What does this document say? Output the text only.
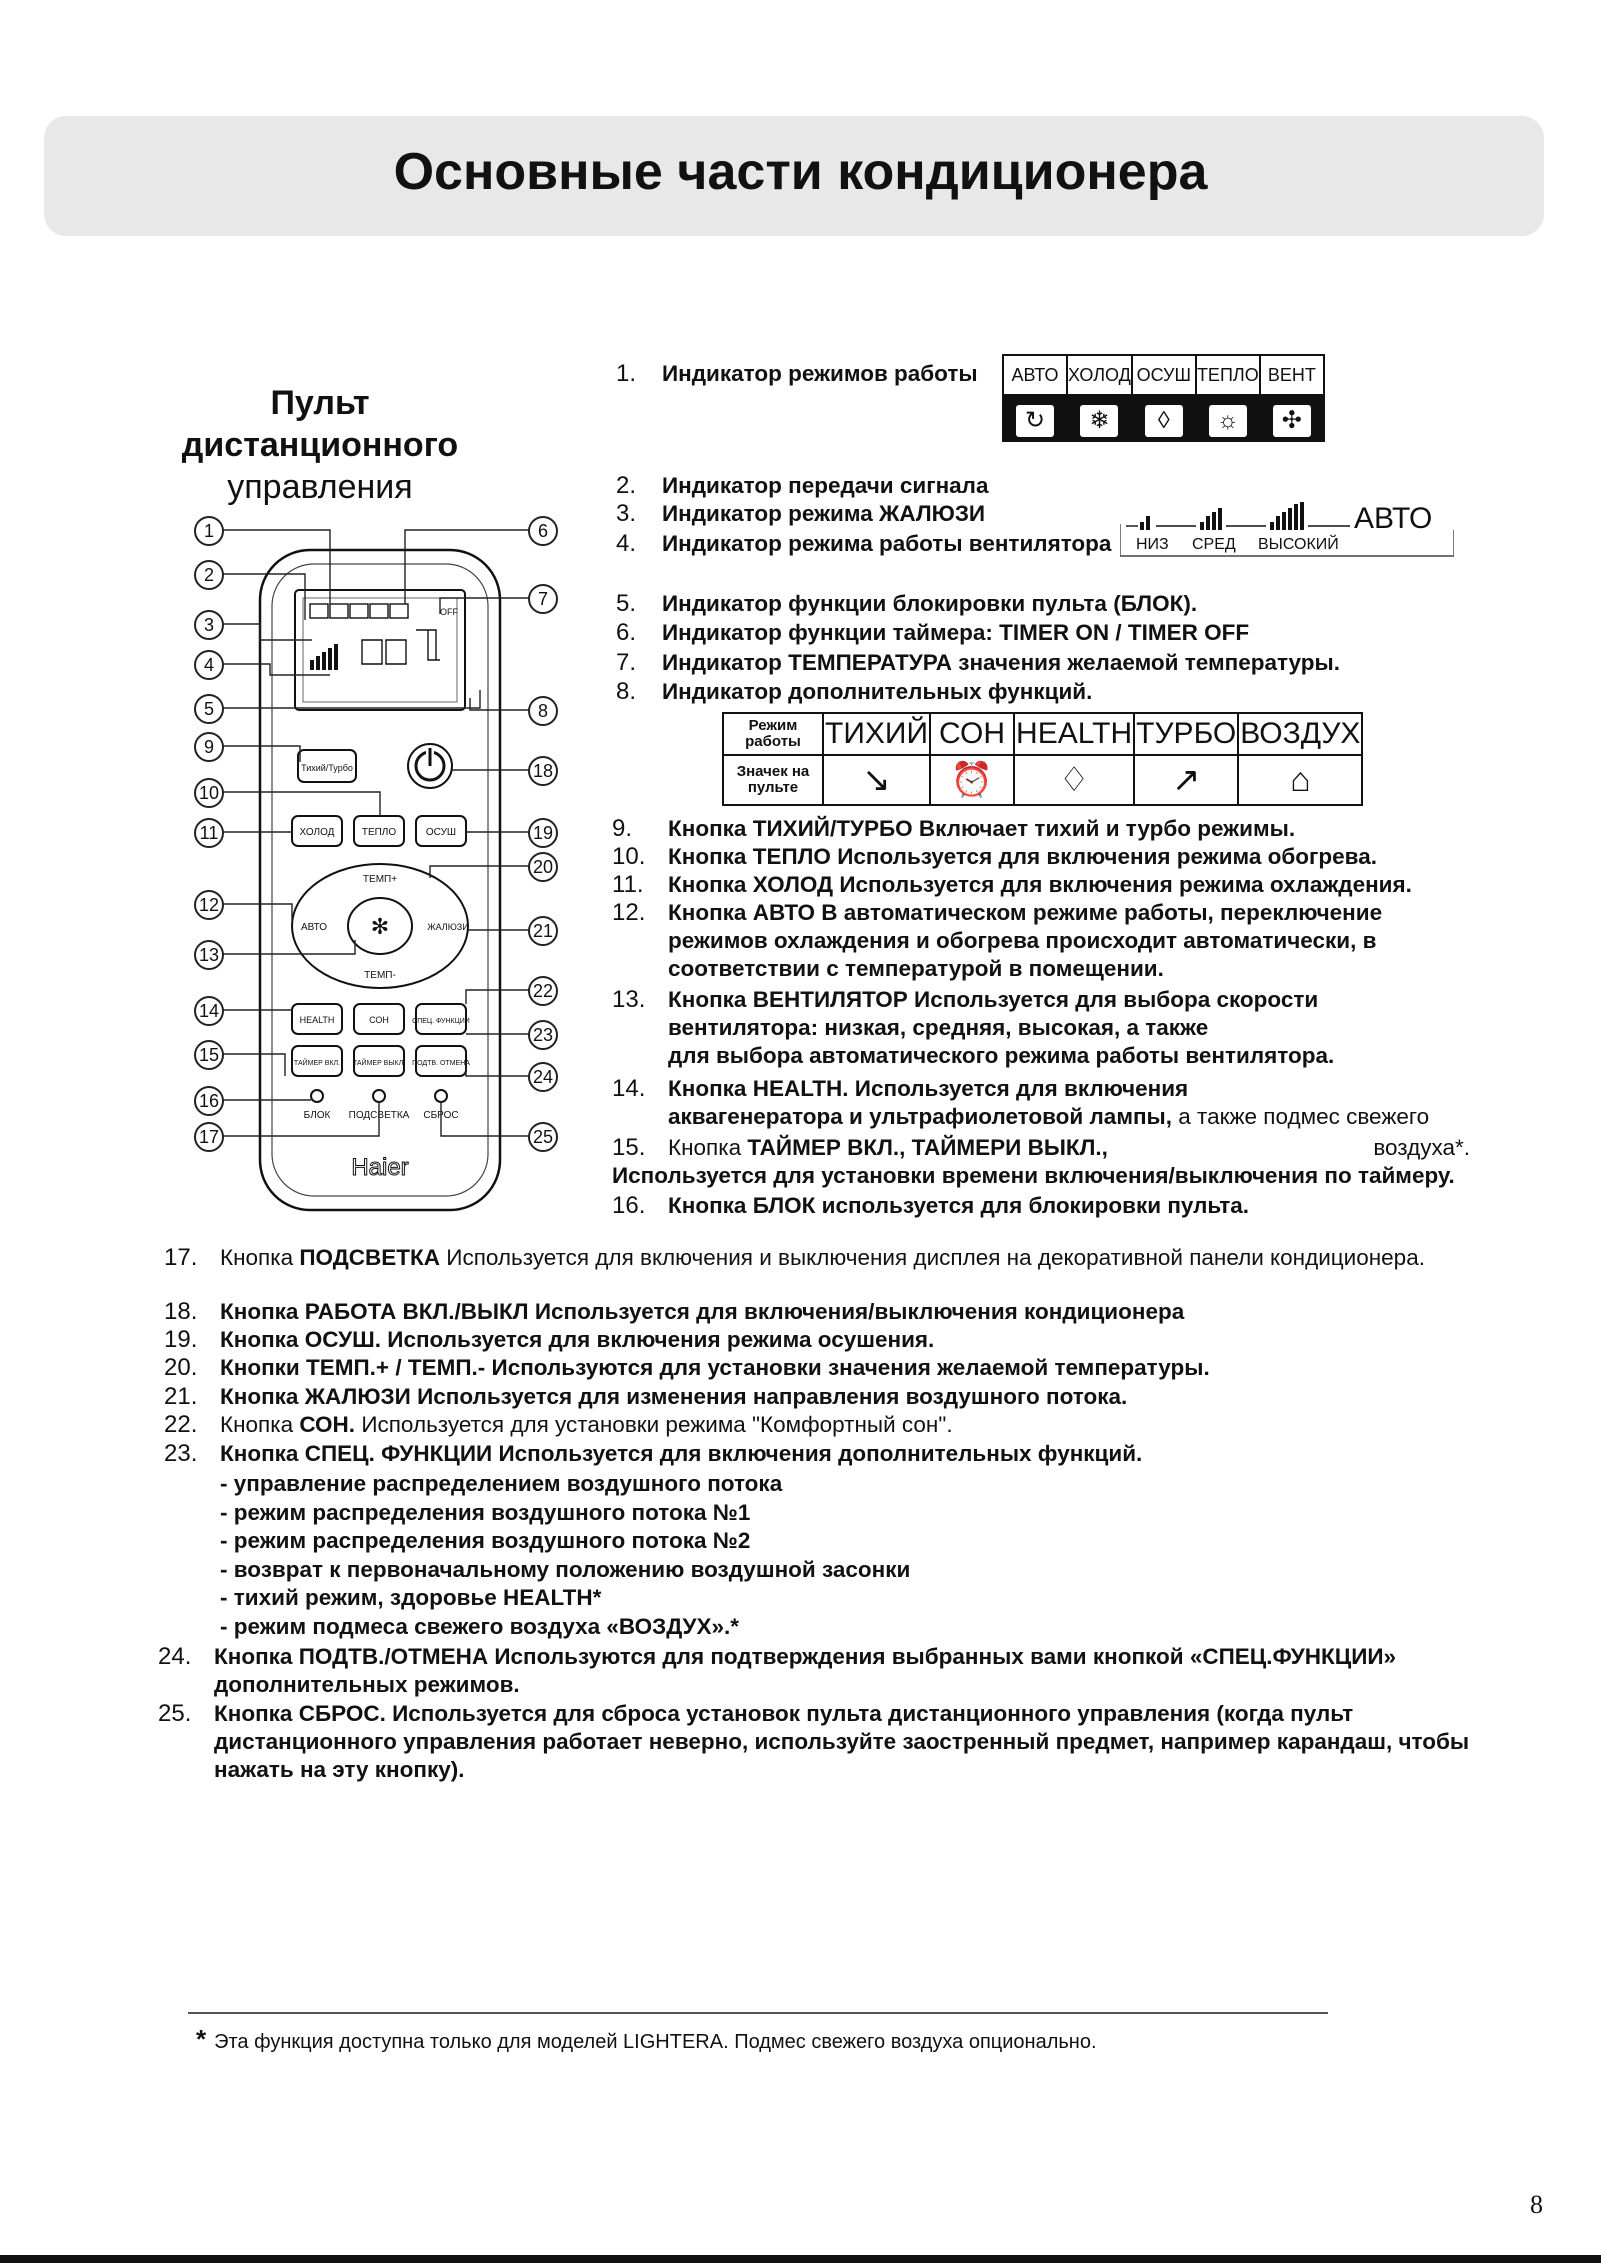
Основные части кондиционера
Пульт
дистанционного
управления
OFF
Тихий/Турбо
ХОЛОД	ТЕПЛО	ОСУШ
✻
ТЕМП+
ТЕМП-
АВТО	ЖАЛЮЗИ
HEALTH	СОН	СПЕЦ. ФУНКЦИИ
ТАЙМЕР ВКЛ. ТАЙМЕР ВЫКЛ. ПОДТВ. ОТМЕНА
БЛОК ПОДСВЕТКА СБРОС
Haier
1
2
3
4
5
9
10
11
12
13
14
15
16
17
6
7
8
18
19
20
21
22
23
24
25
1. Индикатор режимов работы АВТО	ХОЛОД	ОСУШ	ТЕПЛО	ВЕНТ
↻	❄	◊	☼	✣
2. Индикатор передачи сигнала
3. Индикатор режима ЖАЛЮЗИ
4. Индикатор режима работы вентилятора НИЗ СРЕД ВЫСОКИЙ
АВТО
5. Индикатор функции блокировки пульта (БЛОК).
6. Индикатор функции таймера: TIMER ON / TIMER OFF
7. Индикатор ТЕМПЕРАТУРА значения желаемой температуры.
8. Индикатор дополнительных функций.
Режим работы	ТИХИЙ	СОН	HEALTH	ТУРБО	ВОЗДУХ
Значек на пульте	↘	⏰	♢	↗	⌂
9. Кнопка ТИХИЙ/ТУРБО Включает тихий и турбо режимы.
10. Кнопка ТЕПЛО Используется для включения режима обогрева.
11. Кнопка ХОЛОД Используется для включения режима охлаждения.
12. Кнопка АВТО В автоматическом режиме работы, переключение
режимов охлаждения и обогрева происходит автоматически, в
соответствии с температурой в помещении.
13. Кнопка ВЕНТИЛЯТОР Используется для выбора скорости
вентилятора: низкая, средняя, высокая, а также
для выбора автоматического режима работы вентилятора.
14. Кнопка HEALTH. Используется для включения
аквагенератора и ультрафиолетовой лампы, а также подмес свежего
15. Кнопка ТАЙМЕР ВКЛ., ТАЙМЕРИ ВЫКЛ.,	воздуха*.
Используется для установки времени включения/выключения по таймеру.
16. Кнопка БЛОК используется для блокировки пульта.
17. Кнопка ПОДСВЕТКА Используется для включения и выключения дисплея на декоративной панели кондиционера.
18. Кнопка РАБОТА ВКЛ./ВЫКЛ Используется для включения/выключения кондиционера
19. Кнопка ОСУШ. Используется для включения режима осушения.
20. Кнопки ТЕМП.+ / ТЕМП.- Используются для установки значения желаемой температуры.
21. Кнопка ЖАЛЮЗИ Используется для изменения направления воздушного потока.
22. Кнопка СОН. Используется для установки режима "Комфортный сон".
23. Кнопка СПЕЦ. ФУНКЦИИ Используется для включения дополнительных функций.
- управление распределением воздушного потока
- режим распределения воздушного потока №1
- режим распределения воздушного потока №2
- возврат к первоначальному положению воздушной засонки
- тихий режим, здоровье HEALTH*
- режим подмеса свежего воздуха «ВОЗДУХ».*
24. Кнопка ПОДТВ./ОТМЕНА Используются для подтверждения выбранных вами кнопкой «СПЕЦ.ФУНКЦИИ»
дополнительных режимов.
25. Кнопка СБРОС. Используется для сброса установок пульта дистанционного управления (когда пульт
дистанционного управления работает неверно, используйте заостренный предмет, например карандаш, чтобы
нажать на эту кнопку).
* Эта функция доступна только для моделей LIGHTERA. Подмес свежего воздуха опционально.
8
